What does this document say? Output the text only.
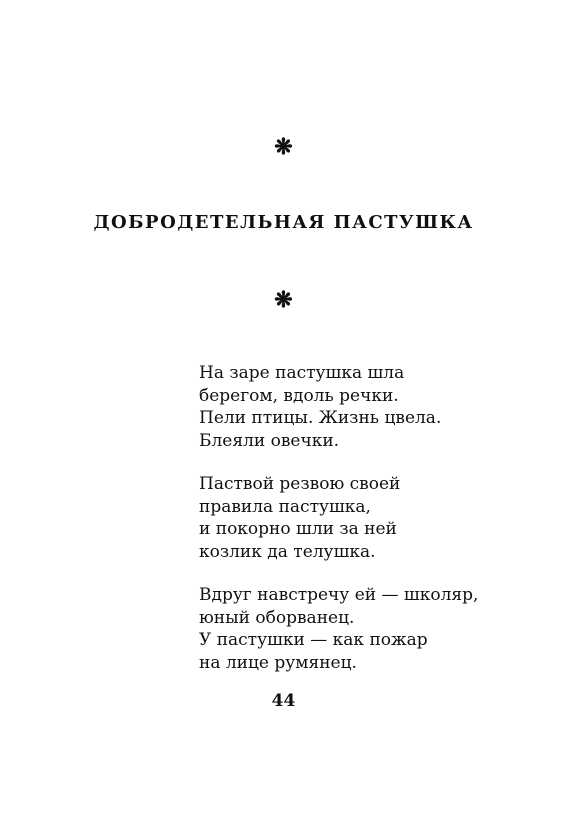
❋
ДОБРОДЕТЕЛЬНАЯ ПАСТУШКА
❋
На заре пастушка шла
берегом, вдоль речки.
Пели птицы. Жизнь цвела.
Блеяли овечки.
Паствой резвою своей
правила пастушка,
и покорно шли за ней
козлик да телушка.
Вдруг навстречу ей — школяр,
юный оборванец.
У пастушки — как пожар
на лице румянец.
44
